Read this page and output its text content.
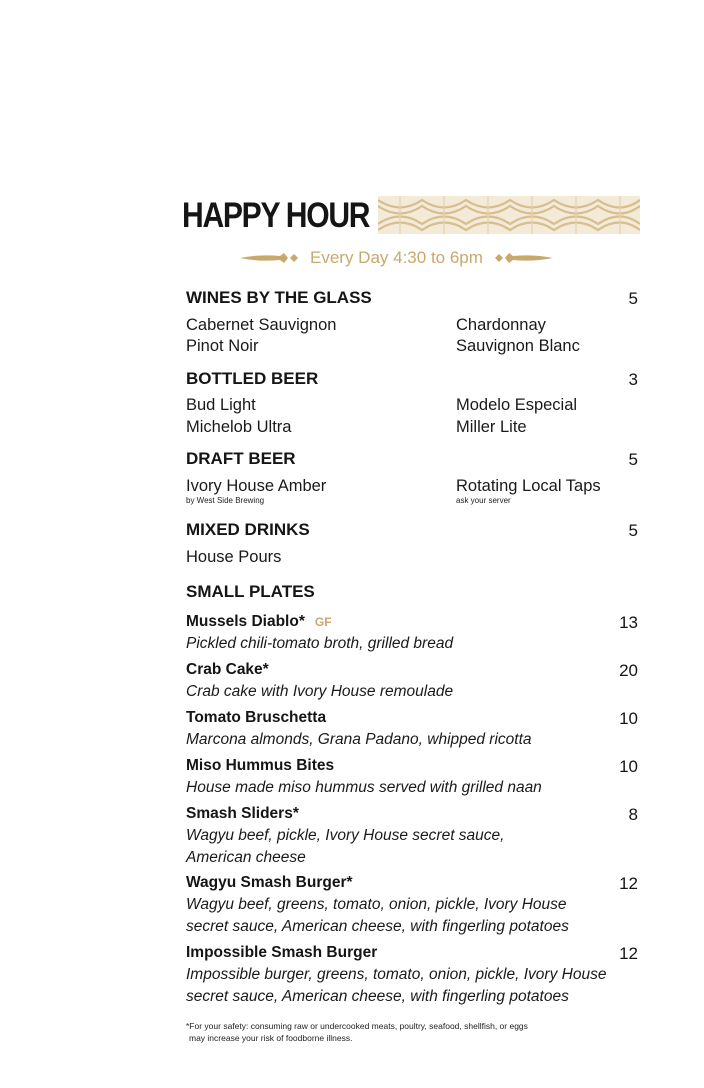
HAPPY HOUR
Every Day 4:30 to 6pm
WINES BY THE GLASS	5
Cabernet Sauvignon	Chardonnay
Pinot Noir	Sauvignon Blanc
BOTTLED BEER	3
Bud Light	Modelo Especial
Michelob Ultra	Miller Lite
DRAFT BEER	5
Ivory House Amber
by West Side Brewing
Rotating Local Taps
ask your server
MIXED DRINKS	5
House Pours
SMALL PLATES
Mussels Diablo* GF	13
Pickled chili-tomato broth, grilled bread
Crab Cake*	20
Crab cake with Ivory House remoulade
Tomato Bruschetta	10
Marcona almonds, Grana Padano, whipped ricotta
Miso Hummus Bites	10
House made miso hummus served with grilled naan
Smash Sliders*	8
Wagyu beef, pickle, Ivory House secret sauce,
American cheese
Wagyu Smash Burger*	12
Wagyu beef, greens, tomato, onion, pickle, Ivory House
secret sauce, American cheese, with fingerling potatoes
Impossible Smash Burger	12
Impossible burger, greens, tomato, onion, pickle, Ivory House
secret sauce, American cheese, with fingerling potatoes
*For your safety: consuming raw or undercooked meats, poultry, seafood, shellfish, or eggs
may increase your risk of foodborne illness.
